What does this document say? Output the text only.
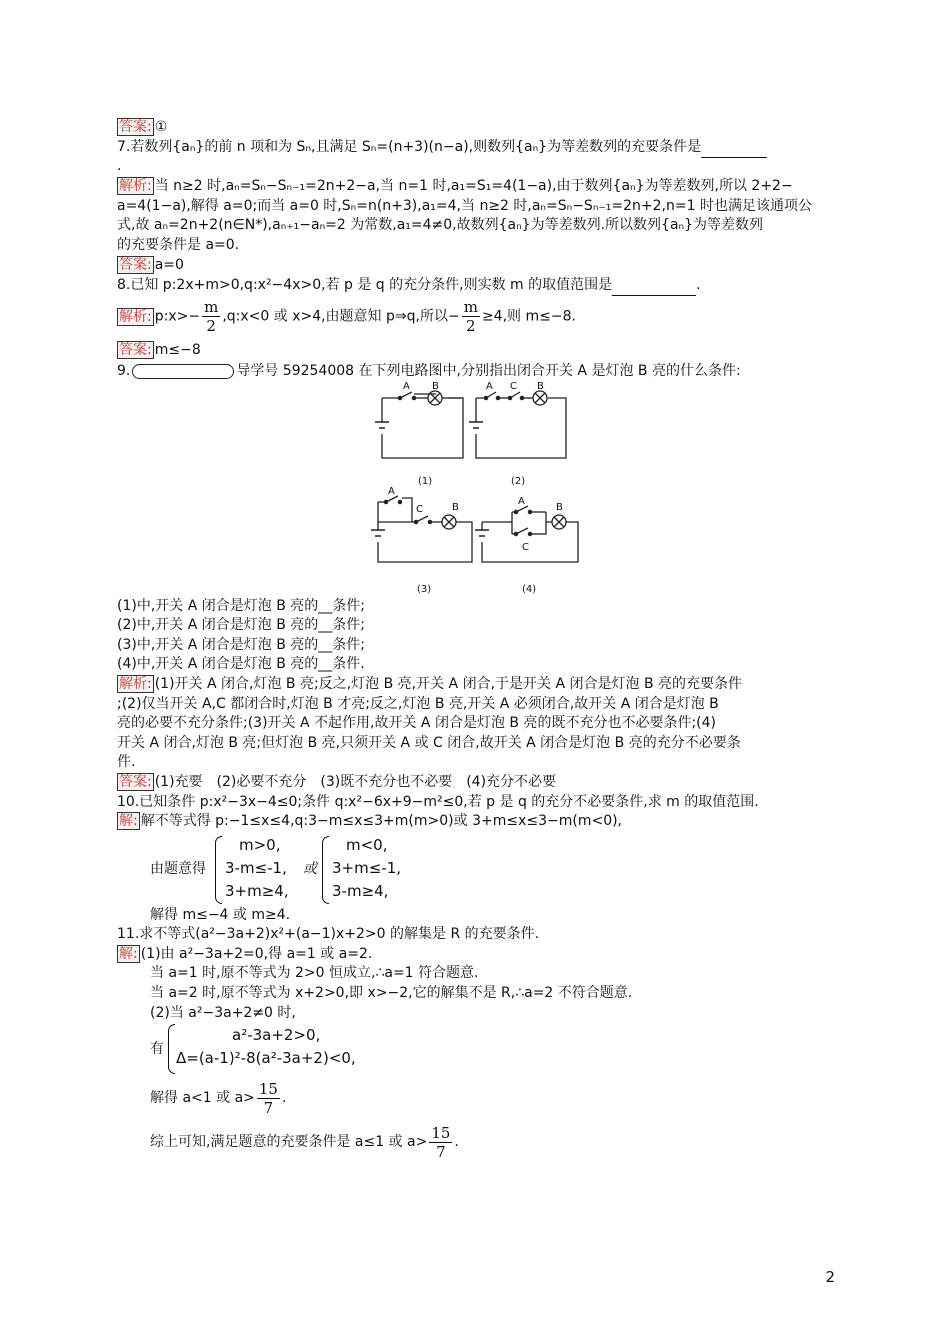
答案: ①
7.若数列{aₙ}的前 n 项和为 Sₙ,且满足 Sₙ=(n+3)(n−a),则数列{aₙ}为等差数列的充要条件是
.
解析: 当 n≥2 时,aₙ=Sₙ−Sₙ₋₁=2n+2−a,当 n=1 时,a₁=S₁=4(1−a),由于数列{aₙ}为等差数列,所以 2+2−
a=4(1−a),解得 a=0;而当 a=0 时,Sₙ=n(n+3),a₁=4,当 n≥2 时,aₙ=Sₙ−Sₙ₋₁=2n+2,n=1 时也满足该通项公
式,故 aₙ=2n+2(n∈N*),aₙ₊₁−aₙ=2 为常数,a₁=4≠0,故数列{aₙ}为等差数列.所以数列{aₙ}为等差数列
的充要条件是 a=0.
答案: a=0
8.已知 p:2x+m>0,q:x²−4x>0,若 p 是 q 的充分条件,则实数 m 的取值范围是	.
解析: p:x>− $\frac{m}{2}$ ,q:x<0 或 x>4,由题意知 p⇒q,所以− $\frac{m}{2} \ge 4$,则 m≤−8.
答案: m≤−8
9.	导学号 59254008 在下列电路图中,分别指出闭合开关 A 是灯泡 B 亮的什么条件:
A B	A C B
(1)	(2)
A
C	B
A
C
B
(3)	(4)
(1)中,开关 A 闭合是灯泡 B 亮的__条件;
(2)中,开关 A 闭合是灯泡 B 亮的__条件;
(3)中,开关 A 闭合是灯泡 B 亮的__条件;
(4)中,开关 A 闭合是灯泡 B 亮的__条件.
解析: (1)开关 A 闭合,灯泡 B 亮;反之,灯泡 B 亮,开关 A 闭合,于是开关 A 闭合是灯泡 B 亮的充要条件
;(2)仅当开关 A,C 都闭合时,灯泡 B 才亮;反之,灯泡 B 亮,开关 A 必须闭合,故开关 A 闭合是灯泡 B
亮的必要不充分条件;(3)开关 A 不起作用,故开关 A 闭合是灯泡 B 亮的既不充分也不必要条件;(4)
开关 A 闭合,灯泡 B 亮;但灯泡 B 亮,只须开关 A 或 C 闭合,故开关 A 闭合是灯泡 B 亮的充分不必要条
件.
答案: (1)充要　(2)必要不充分　(3)既不充分也不必要　(4)充分不必要
10.已知条件 p:x²−3x−4≤0;条件 q:x²−6x+9−m²≤0,若 p 是 q 的充分不必要条件,求 m 的取值范围.
解: 解不等式得 p:−1≤x≤4,q:3−m≤x≤3+m(m>0)或 3+m≤x≤3−m(m<0),
由题意得
m>0,
3-m≤-1,
3+m≥4,
或
m<0,
3+m≤-1,
3-m≥4,
解得 m≤−4 或 m≥4.
11.求不等式(a²−3a+2)x²+(a−1)x+2>0 的解集是 R 的充要条件.
解: (1)由 a²−3a+2=0,得 a=1 或 a=2.
当 a=1 时,原不等式为 2>0 恒成立,∴a=1 符合题意.
当 a=2 时,原不等式为 x+2>0,即 x>−2,它的解集不是 R,∴a=2 不符合题意.
(2)当 a²−3a+2≠0 时,
有
a²-3a+2>0,
Δ=(a-1)²-8(a²-3a+2)<0,
解得 a<1 或 $a> \frac{15}{7}$ .
综上可知,满足题意的充要条件是 a≤1 或 $a> \frac{15}{7}$ .
2
